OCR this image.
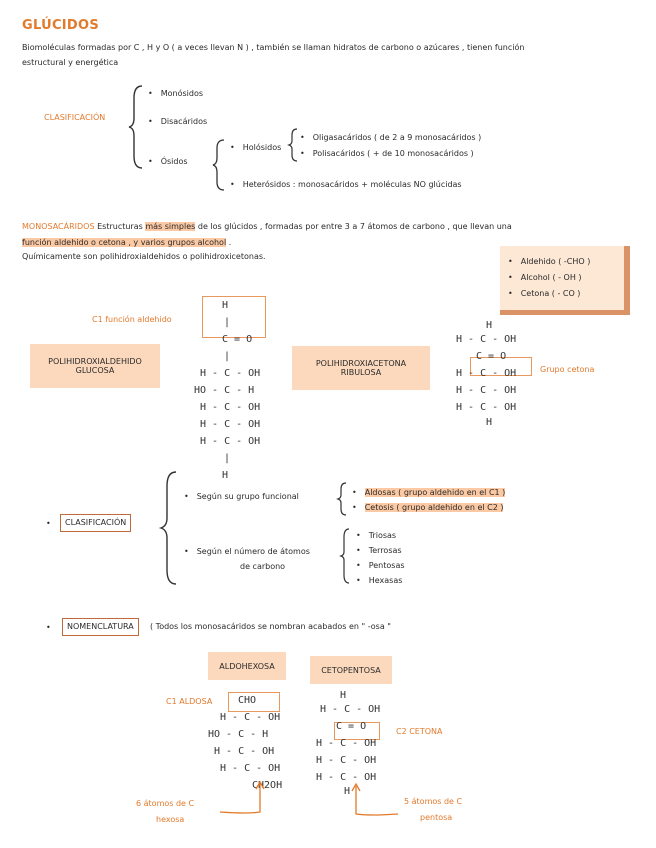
GLÚCIDOS
Biomoléculas formadas por C , H y O ( a veces llevan N ) , también se llaman hidratos de carbono o azúcares , tienen función
estructural y energética
CLASIFICACIÓN
• Monósidos
• Disacáridos
• Ósidos
• Holósidos
• Oligasacáridos ( de 2 a 9 monosacáridos )
• Polisacáridos ( + de 10 monosacáridos )
• Heterósidos : monosacáridos + moléculas NO glúcidas
MONOSACÁRIDOS Estructuras más simples de los glúcidos , formadas por entre 3 a 7 átomos de carbono , que llevan una
función aldehido o cetona , y varios grupos alcohol .
Químicamente son polihidroxialdehidos o polihidroxicetonas.
• Aldehido ( -CHO )
• Alcohol ( - OH )
• Cetona ( - CO )
C1 función aldehido
POLIHIDROXIALDEHIDO GLUCOSA
H
|
C = O
|
H - C - OH
HO - C - H
H - C - OH
H - C - OH
H - C - OH
|
H
POLIHIDROXIACETONA RIBULOSA	Grupo cetona
H
H - C - OH
C = O
H - C - OH
H - C - OH
H - C - OH
H
•
CLASIFICACIÓN
• Según su grupo funcional
•	Aldosas ( grupo aldehido en el C1 )
• Cetosis ( grupo aldehido en el C2 )
• Según el número de átomos
de carbono
• Triosas
• Terrosas
• Pentosas
• Hexasas
•
NOMENCLATURA	( Todos los monosacáridos se nombran acabados en " -osa "
ALDOHEXOSA
C1 ALDOSA	CHO
H - C - OH
HO - C - H
H - C - OH
H - C - OH
CH2OH
6 átomos de C
hexosa
CETOPENTOSA
C2 CETONA
H
H - C - OH
C = O
H - C - OH
H - C - OH
H - C - OH
H
5 átomos de C
pentosa
